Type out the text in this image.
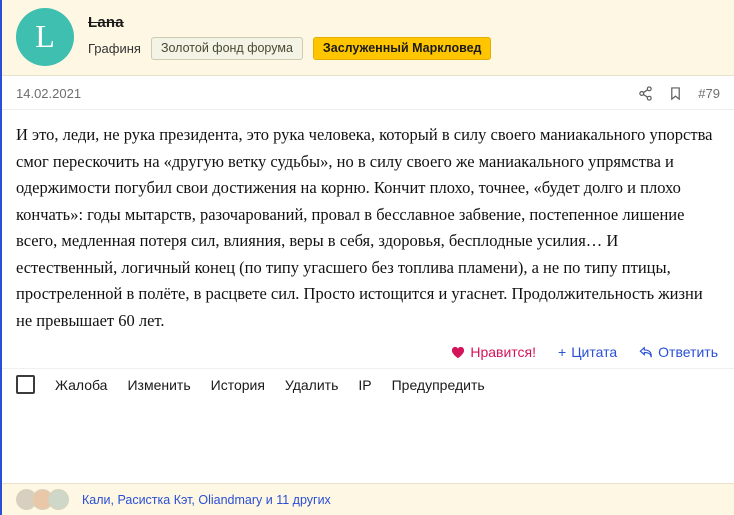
L Lana
Графиня	Золотой фонд форума	Заслуженный Маркловед
14.02.2021	#79
И это, леди, не рука президента, это рука человека, который в силу своего маниакального упорства смог перескочить на «другую ветку судьбы», но в силу своего же маниакального упрямства и одержимости погубил свои достижения на корню. Кончит плохо, точнее, «будет долго и плохо кончать»: годы мытарств, разочарований, провал в бесславное забвение, постепенное лишение всего, медленная потеря сил, влияния, веры в себя, здоровья, бесплодные усилия… И естественный, логичный конец (по типу угасшего без топлива пламени), а не по типу птицы, простреленной в полёте, в расцвете сил. Просто истощится и угаснет. Продолжительность жизни не превышает 60 лет.
Нравится! + Цитата	Ответить
Жалоба Изменить История Удалить IP Предупредить
Кали, Расистка Кэт, Oliandmary и 11 других
